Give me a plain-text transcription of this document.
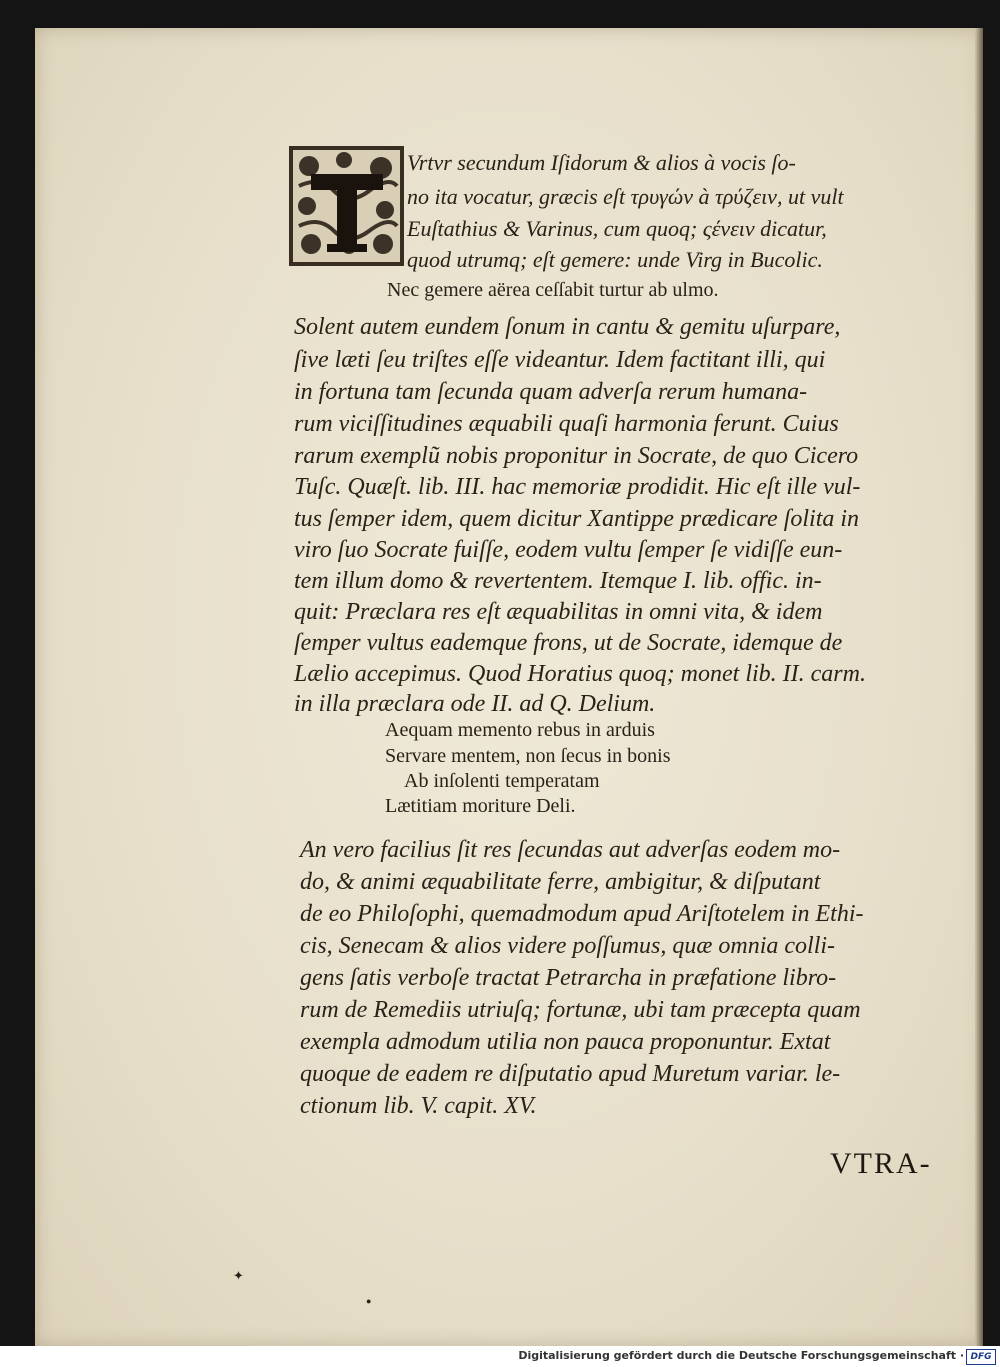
Vrtvr secundum Iſidorum & alios à vocis ſo-
no ita vocatur, græcis eſt τρυγών à τρύζειν, ut vult
Euſtathius & Varinus, cum quoq; ςένειν dicatur,
quod utrumq; eſt gemere: unde Virg in Bucolic.
Nec gemere aërea ceſſabit turtur ab ulmo.
Solent autem eundem ſonum in cantu & gemitu uſurpare,
ſive læti ſeu triſtes eſſe videantur. Idem factitant illi, qui
in fortuna tam ſecunda quam adverſa rerum humana-
rum viciſſitudines æquabili quaſi harmonia ferunt. Cuius
rarum exemplũ nobis proponitur in Socrate, de quo Cicero
Tuſc. Quæſt. lib. III. hac memoriæ prodidit. Hic eſt ille vul-
tus ſemper idem, quem dicitur Xantippe prædicare ſolita in
viro ſuo Socrate fuiſſe, eodem vultu ſemper ſe vidiſſe eun-
tem illum domo & revertentem. Itemque I. lib. offic. in-
quit: Præclara res eſt æquabilitas in omni vita, & idem
ſemper vultus eademque frons, ut de Socrate, idemque de
Lælio accepimus. Quod Horatius quoq; monet lib. II. carm.
in illa præclara ode II. ad Q. Delium.
Aequam memento rebus in arduis
Servare mentem, non ſecus in bonis
Ab inſolenti temperatam
Lætitiam moriture Deli.
An vero facilius ſit res ſecundas aut adverſas eodem mo-
do, & animi æquabilitate ferre, ambigitur, & diſputant
de eo Philoſophi, quemadmodum apud Ariſtotelem in Ethi-
cis, Senecam & alios videre poſſumus, quæ omnia colli-
gens ſatis verboſe tractat Petrarcha in præfatione libro-
rum de Remediis utriuſq; fortunæ, ubi tam præcepta quam
exempla admodum utilia non pauca proponuntur. Extat
quoque de eadem re diſputatio apud Muretum variar. le-
ctionum lib. V. capit. XV.
VTRA-
✦
●
Digitalisierung gefördert durch die Deutsche Forschungsgemeinschaft · DFG
